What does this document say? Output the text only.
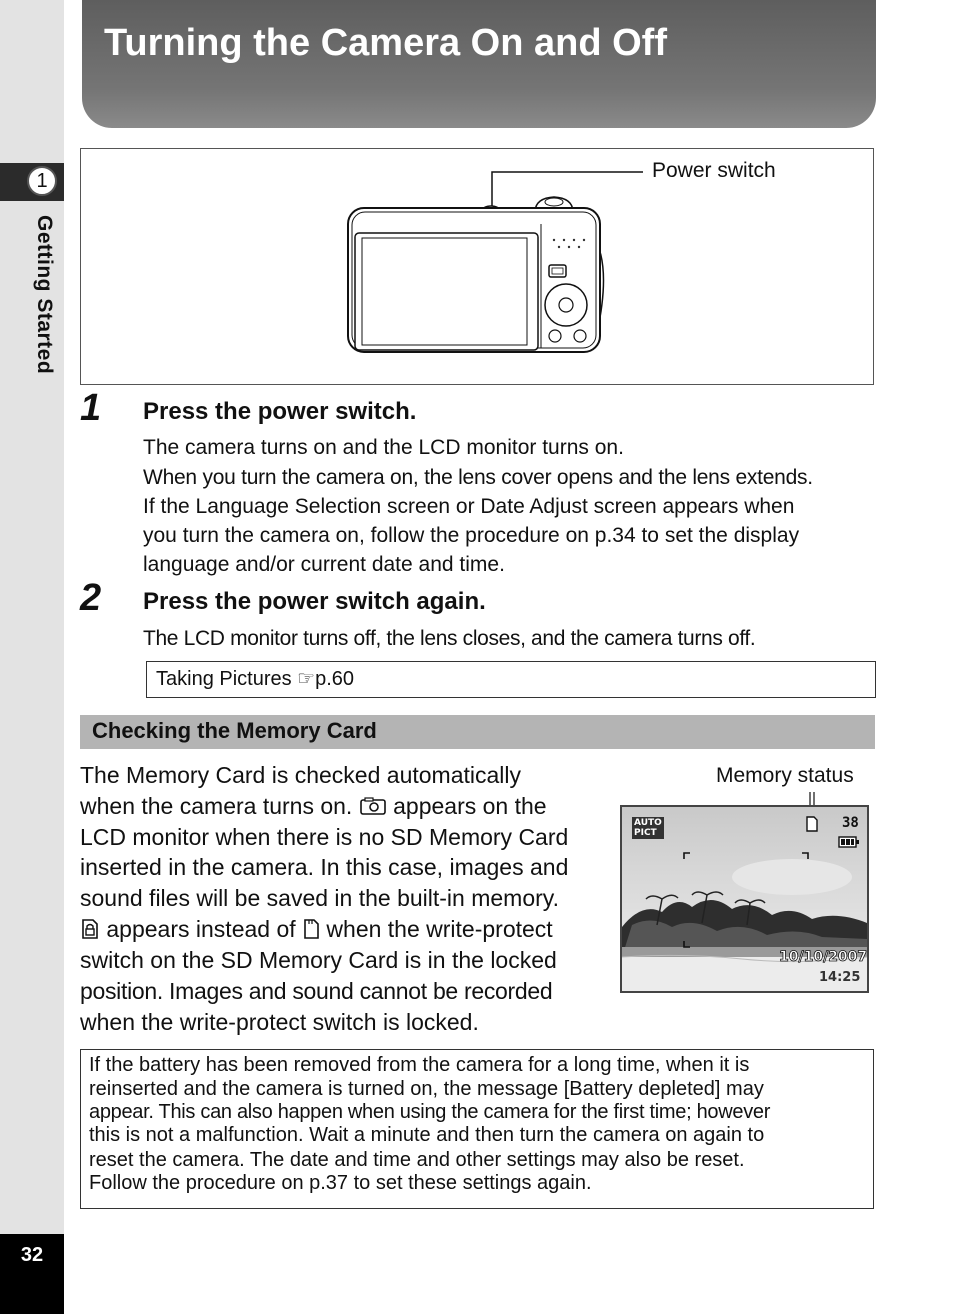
1
Getting Started
32
Turning the Camera On and Off
Power switch
1 Press the power switch.
The camera turns on and the LCD monitor turns on.
When you turn the camera on, the lens cover opens and the lens extends.
If the Language Selection screen or Date Adjust screen appears when
you turn the camera on, follow the procedure on p.34 to set the display
language and/or current date and time.
2 Press the power switch again.
The LCD monitor turns off, the lens closes, and the camera turns off.
Taking Pictures ☞p.60
Checking the Memory Card
The Memory Card is checked automatically
when the camera turns on. appears on the
LCD monitor when there is no SD Memory Card
inserted in the camera. In this case, images and
sound files will be saved in the built-in memory.
appears instead of when the write-protect
switch on the SD Memory Card is in the locked
position. Images and sound cannot be recorded
when the write-protect switch is locked.
Memory status
AUTO
PICT
38
10/10/2007
14:25
If the battery has been removed from the camera for a long time, when it is
reinserted and the camera is turned on, the message [Battery depleted] may
appear. This can also happen when using the camera for the first time; however
this is not a malfunction. Wait a minute and then turn the camera on again to
reset the camera. The date and time and other settings may also be reset.
Follow the procedure on p.37 to set these settings again.
